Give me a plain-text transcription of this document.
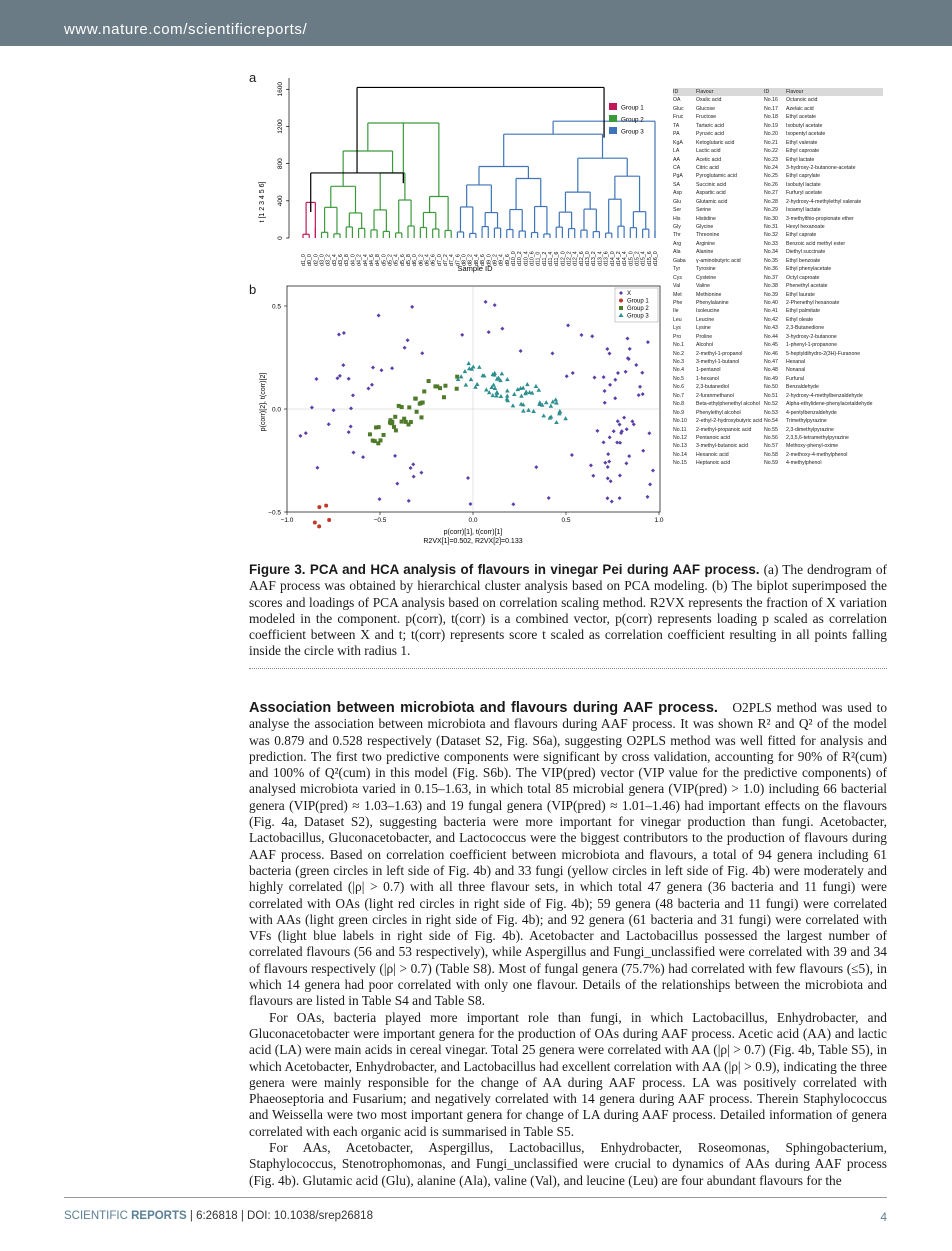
www.nature.com/scientificreports/
a
b
t [1 2 3 4 5 6]
0
400
800
1200
1600
d1_0 d0_0 d2_0 d3_0 d3_2 d3_4 d3_6 d3_8 d4_0 d4_2 d4_4 d4_6 d4_8 d5_0 d5_2 d5_4 d5_6 d5_8 d6_0 d6_2 d6_4 d6_6 d7_0 d7_2 d7_4 d7_6 d8_0 d8_2 d8_4 d8_6 d9_0 d9_2 d9_4 d9_6 d10_0 d10_2 d10_4 d10_6 d11_0 d11_2 d11_4 d11_6 d12_0 d12_2 d12_4 d12_6 d13_0 d13_2 d13_4 d13_6 d14_0 d14_2 d14_4 d15_0 d15_2 d15_4 d15_6 d16_0
Sample ID
Group 1
Group 2
Group 3
p(corr)[2], t(corr)[2]
0.5
0.0
−0.5
−1.0	−0.5	0.0	0.5	1.0
p(corr)[1], t(corr)[1]
R2VX[1]=0.502, R2VX[2]=0.133
X
Group 1
Group 2
Group 3
ID	Flavour	ID	Flavour
OA	Oxalic acid	No.16	Octanoic acid
Gluc	Glucose	No.17	Azelaic acid
Fruc	Fructose	No.18	Ethyl acetate
TA	Tartaric acid	No.19	Isobutyl acetate
PA	Pyruvic acid	No.20	Isopentyl acetate
KgA	Ketoglutaric acid	No.21	Ethyl valerate
LA	Lactic acid	No.22	Ethyl caproate
AA	Acetic acid	No.23	Ethyl lactate
CA	Citric acid	No.24	3-hydroxy-2-butanone-acetate
PgA	Pyroglutamic acid	No.25	Ethyl caprylate
SA	Succinic acid	No.26	Isobutyl lactate
Asp	Aspartic acid	No.27	Furfuryl acetate
Glu	Glutamic acid	No.28	2-hydroxy-4-methylethyl valerate
Ser	Serine	No.29	Isoamyl lactate
His	Histidine	No.30	3-methylthio-propionate ether
Gly	Glycine	No.31	Hexyl hexanoate
Thr	Threonine	No.32	Ethyl caprate
Arg	Arginine	No.33	Benzoic acid methyl ester
Ala	Alanine	No.34	Diethyl succinate
Gaba	γ-aminobutyric acid	No.35	Ethyl benzoate
Tyr	Tyrosine	No.36	Ethyl phenylacetate
Cys	Cysteine	No.37	Octyl caproate
Val	Valine	No.38	Phenethyl acetate
Met	Methionine	No.39	Ethyl laurate
Phe	Phenylalanine	No.40	2-Phenethyl hexanoate
Ile	Isoleucine	No.41	Ethyl palmitate
Leu	Leucine	No.42	Ethyl oleate
Lys	Lysine	No.43	2,3-Butanedione
Pro	Proline	No.44	3-hydroxy-2-butanone
No.1	Alcohol	No.45	1-phenyl-1-propanone
No.2	2-methyl-1-propanol	No.46	5-heptyldihydro-2(3H)-Furanone
No.3	3-methyl-1-butanol	No.47	Hexanal
No.4	1-pentanol	No.48	Nonanal
No.5	1-hexanol	No.49	Furfural
No.6	2,3-butanediol	No.50	Benzaldehyde
No.7	2-furanmethanol	No.51	2-hydroxy-4-methylbenzaldehyde
No.8	Beta-ethylphenethyl alcohol No.52	Alpha-ethylidene-phenylacetaldehyde
No.9	Phenylethyl alcohol	No.53	4-pentylbenzaldehyde
No.10	2-ethyl-2-hydroxybutyric acid No.54	Trimethylpyrazine
No.11	2-methyl-propanoic acid	No.55	2,3-dimethylpyrazine
No.12	Pentanoic acid	No.56	2,3,5,6-tetramethylpyrazine
No.13	3-methyl-butanoic acid	No.57	Methoxy-phenyl-oxime
No.14	Hexanoic acid	No.58	2-methoxy-4-methylphenol
No.15	Heptanoic acid	No.59	4-methylphenol
Figure 3. PCA and HCA analysis of flavours in vinegar Pei during AAF process. (a) The dendrogram of AAF process was obtained by hierarchical cluster analysis based on PCA modeling. (b) The biplot superimposed the scores and loadings of PCA analysis based on correlation scaling method. R2VX represents the fraction of X variation modeled in the component. p(corr), t(corr) is a combined vector, p(corr) represents loading p scaled as correlation coefficient between X and t; t(corr) represents score t scaled as correlation coefficient resulting in all points falling inside the circle with radius 1.

Association between microbiota and flavours during AAF process. O2PLS method was used to analyse the association between microbiota and flavours during AAF process. It was shown R² and Q² of the model was 0.879 and 0.528 respectively (Dataset S2, Fig. S6a), suggesting O2PLS method was well fitted for analysis and prediction. The first two predictive components were significant by cross validation, accounting for 90% of R²(cum) and 100% of Q²(cum) in this model (Fig. S6b). The VIP(pred) vector (VIP value for the predictive components) of analysed microbiota varied in 0.15–1.63, in which total 85 microbial genera (VIP(pred) > 1.0) including 66 bacterial genera (VIP(pred) ≈ 1.03–1.63) and 19 fungal genera (VIP(pred) ≈ 1.01–1.46) had important effects on the flavours (Fig. 4a, Dataset S2), suggesting bacteria were more important for vinegar production than fungi. Acetobacter, Lactobacillus, Gluconacetobacter, and Lactococcus were the biggest contributors to the production of flavours during AAF process. Based on correlation coefficient between microbiota and flavours, a total of 94 genera including 61 bacteria (green circles in left side of Fig. 4b) and 33 fungi (yellow circles in left side of Fig. 4b) were moderately and highly correlated (|ρ| > 0.7) with all three flavour sets, in which total 47 genera (36 bacteria and 11 fungi) were correlated with OAs (light red circles in right side of Fig. 4b); 59 genera (48 bacteria and 11 fungi) were correlated with AAs (light green circles in right side of Fig. 4b); and 92 genera (61 bacteria and 31 fungi) were correlated with VFs (light blue labels in right side of Fig. 4b). Acetobacter and Lactobacillus possessed the largest number of correlated flavours (56 and 53 respectively), while Aspergillus and Fungi_unclassified were correlated with 39 and 34 of flavours respectively (|ρ| > 0.7) (Table S8). Most of fungal genera (75.7%) had correlated with few flavours (≤5), in which 14 genera had poor correlated with only one flavour. Details of the relationships between the microbiota and flavours are listed in Table S4 and Table S8.

For OAs, bacteria played more important role than fungi, in which Lactobacillus, Enhydrobacter, and Gluconacetobacter were important genera for the production of OAs during AAF process. Acetic acid (AA) and lactic acid (LA) were main acids in cereal vinegar. Total 25 genera were correlated with AA (|ρ| > 0.7) (Fig. 4b, Table S5), in which Acetobacter, Enhydrobacter, and Lactobacillus had excellent correlation with AA (|ρ| > 0.9), indicating the three genera were mainly responsible for the change of AA during AAF process. LA was positively correlated with Phaeoseptoria and Fusarium; and negatively correlated with 14 genera during AAF process. Therein Staphylococcus and Weissella were two most important genera for change of LA during AAF process. Detailed information of genera correlated with each organic acid is summarised in Table S5.

For AAs, Acetobacter, Aspergillus, Lactobacillus, Enhydrobacter, Roseomonas, Sphingobacterium, Staphylococcus, Stenotrophomonas, and Fungi_unclassified were crucial to dynamics of AAs during AAF process (Fig. 4b). Glutamic acid (Glu), alanine (Ala), valine (Val), and leucine (Leu) are four abundant flavours for the

SCIENTIFIC REPORTS | 6:26818 | DOI: 10.1038/srep26818	4
